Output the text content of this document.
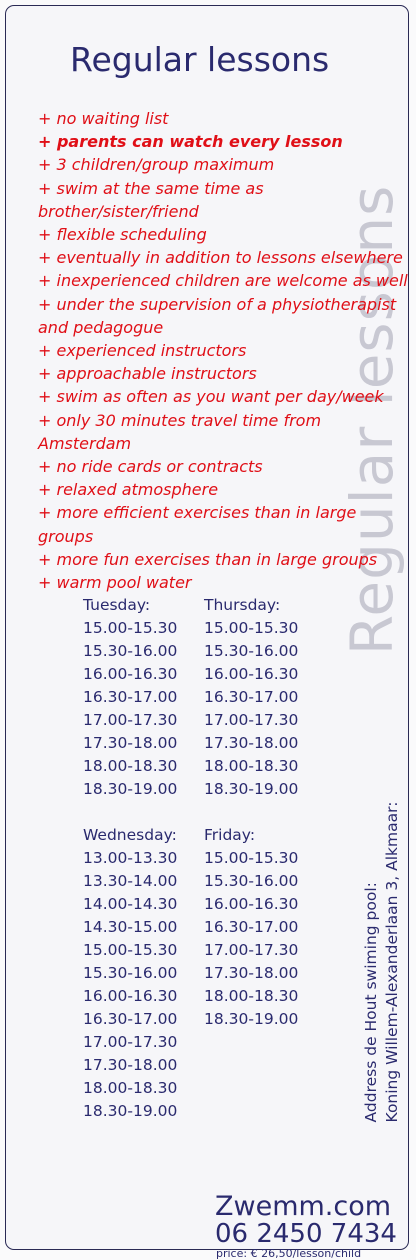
Regular lessons
Regular lessons
+ no waiting list
+ parents can watch every lesson
+ 3 children/group maximum
+ swim at the same time as brother/sister/friend
+ flexible scheduling
+ eventually in addition to lessons elsewhere
+ inexperienced children are welcome as well
+ under the supervision of a physiotherapist
and pedagogue
+ experienced instructors
+ approachable instructors
+ swim as often as you want per day/week
+ only 30 minutes travel time from Amsterdam
+ no ride cards or contracts
+ relaxed atmosphere
+ more efficient exercises than in large groups
+ more fun exercises than in large groups
+ warm pool water
Tuesday:
15.00-15.30
15.30-16.00
16.00-16.30
16.30-17.00
17.00-17.30
17.30-18.00
18.00-18.30
18.30-19.00
Thursday:
15.00-15.30
15.30-16.00
16.00-16.30
16.30-17.00
17.00-17.30
17.30-18.00
18.00-18.30
18.30-19.00
Wednesday:
13.00-13.30
13.30-14.00
14.00-14.30
14.30-15.00
15.00-15.30
15.30-16.00
16.00-16.30
16.30-17.00
17.00-17.30
17.30-18.00
18.00-18.30
18.30-19.00
Friday:
15.00-15.30
15.30-16.00
16.00-16.30
16.30-17.00
17.00-17.30
17.30-18.00
18.00-18.30
18.30-19.00	Address de Hout swiming pool: Koning Willem-Alexanderlaan 3, Alkmaar:
Zwemm.com
06 2450 7434
price: € 26,50/lesson/child
